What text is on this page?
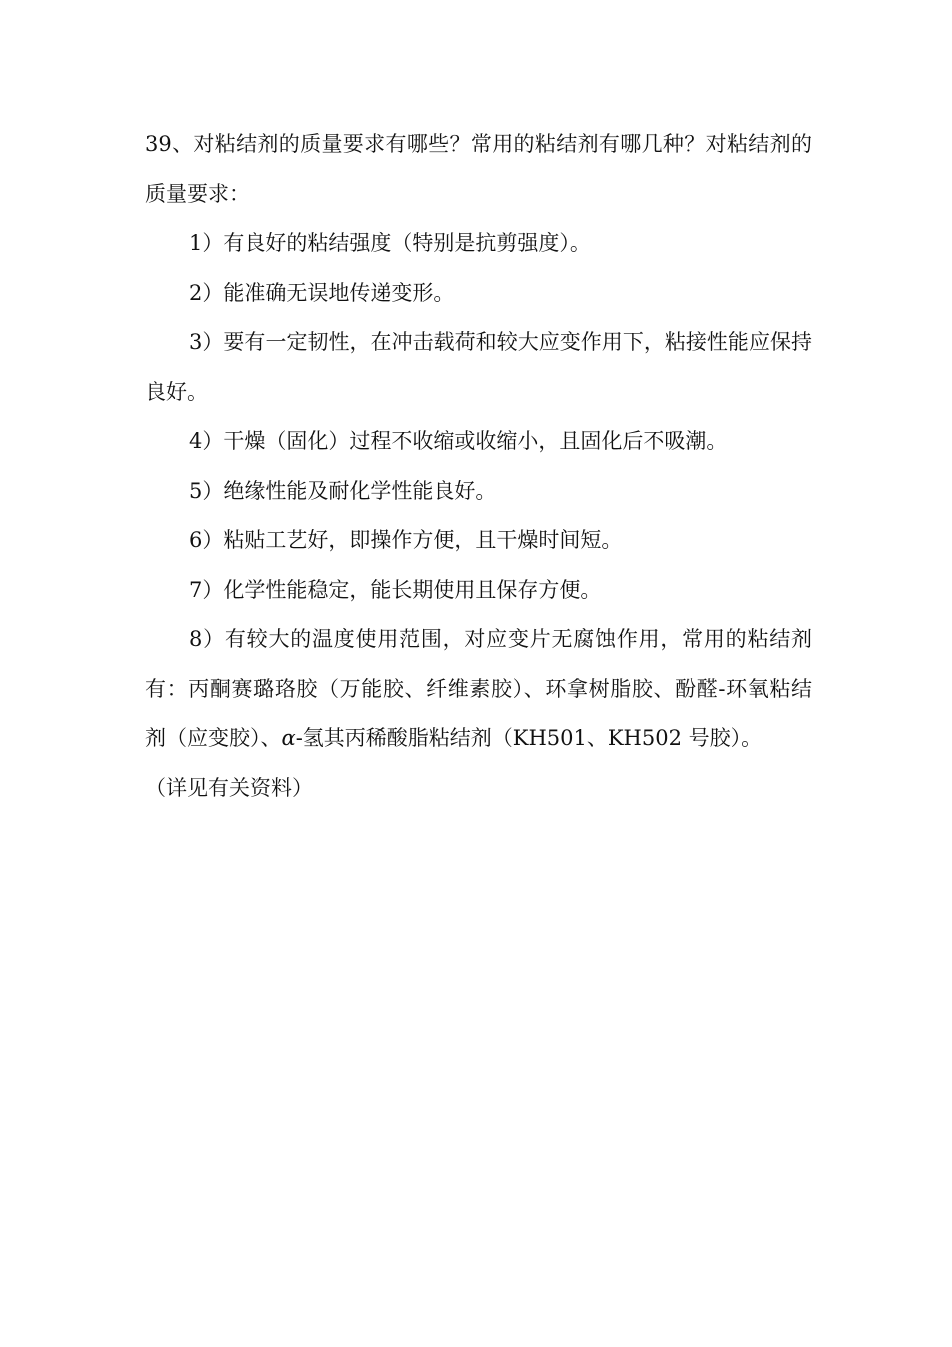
39、对粘结剂的质量要求有哪些？常用的粘结剂有哪几种？对粘结剂的质量要求：

1）有良好的粘结强度（特别是抗剪强度）。

2）能准确无误地传递变形。

3）要有一定韧性，在冲击载荷和较大应变作用下，粘接性能应保持良好。

4）干燥（固化）过程不收缩或收缩小，且固化后不吸潮。

5）绝缘性能及耐化学性能良好。

6）粘贴工艺好，即操作方便，且干燥时间短。

7）化学性能稳定，能长期使用且保存方便。

8）有较大的温度使用范围，对应变片无腐蚀作用，常用的粘结剂有：丙酮赛璐珞胶（万能胶、纤维素胶）、环拿树脂胶、酚醛-环氧粘结剂（应变胶）、α-氢其丙稀酸脂粘结剂（KH501、KH502 号胶）。

（详见有关资料）
